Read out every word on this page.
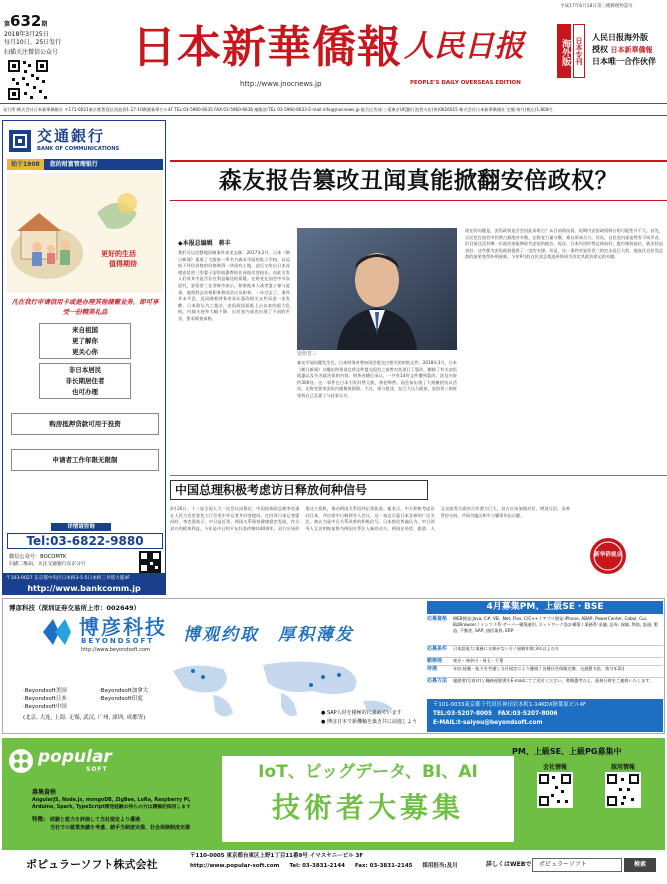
第 632 期
2018年3月25日
每月10日、25日发行
扫描关注微信公众号	日本新華僑報
http://www.jnocnews.jp
人民日报
PEOPLE'S DAILY OVERSEAS EDITION
海外版 日本专刊 人民日报海外版
授权 日本新華僑報
日本唯一合作伙伴
平成17年6月18日第三種郵便物認可
発行所:株式会社日本新華僑報社 〒171-0021東京都豊島区西池袋1-17-10創業新華ビル4F TEL:03-5960-6635 FAX:03-5960-6636 編集部:TEL 03-5960-6633 E-mail:info@jnocnews.jp 総合広告部:三菱東京UFJ銀行池袋支店(普)0616015 株式会社日本新華僑報社 定価:毎月(税込)1,800円
交通銀行
BANK OF COMMUNICATIONS
始于1908	您的财富管理银行
更好的生活
值得期待
凡在我行申请信用卡或是办理其他储蓄业务，即可享受一份精美礼品
来自祖国
更了解你
更关心你
非日本居民
非长期居住者
也可办理
购房抵押贷款可用于投资
申请者工作年限无限制
详情请咨询
Tel:03-6822-9880
微信公众号：BOCOMTK
扫描二维码，关注交通银行东京分行
〒103-0027 东京都中央区日本桥3-5-5日本桥三井塔大厦4F
http://www.bankcomm.jp
森友报告篡改丑闻真能掀翻安倍政权？
◆本报总编辑　蒋丰
我们可以完整地回顾事件来龙去脉：2017年2月，日本《朝日新闻》报道了大阪府一所名为森友学园的私立学校，以远低于评估价格的价格购得一块国有土地。此后又传出日本首相安倍晋三的妻子安倍昭惠曾担任该校名誉校长。由此引发人们对其中是否存在利益输送的质疑。在野党在国会中多次追究，安倍晋三在答辩中表示，如果他本人或者妻子参与此事，他将辞去首相职务和国会议员职务。一年过去了，事件并未平息，反而随着财务省承认篡改相关文件而进一步发酵，日本政坛为之震动，安倍政权面临上台以来的最大危机。内阁支持率大幅下降，自民党内部也出现了不同的声音，要求彻查真相。
安倍晋三
森友学园问题发生后，日本财务省曾向国会提交过相关的审批文件。2018年3月，日本《朝日新闻》又曝出财务省在将文件提交国会之前曾对其进行了篡改，删除了有关安倍昭惠以及多名政治家的内容。财务省随后承认，一共有14份文件遭到篡改，涉及内容约300处。这一事件在日本引发轩然大波，舆论哗然。国会前出现了大规模的抗议活动，在野党要求安倍内阁集体辞职。不过，事与愿违，在巨大压力面前，安倍晋三始终坚持自己及妻子与此事无关。
现在的问题是，安倍政权是否会因此而垮台？从目前情况看，短期内安倍政权倒台的可能性并不大。首先，自民党在国会中仍然占据绝对多数，在野党力量分散，难以形成合力。其次，自民党内部虽然有不同声音，但目前还没有哪一位政治家能够取代安倍的地位。再次，日本经济形势总体向好，股市保持高位，就业状况良好，这些都为安倍政权提供了一定的支撑。但是，这一事件对安倍晋三的打击是巨大的，他连任自民党总裁的前景变得扑朔迷离。今年9月的自民党总裁选举将成为决定其政治命运的关键。
中国总理积极考虑访日释放何种信号
3月20日，十三届全国人大一次会议闭幕后，中国国务院总理李克强在人民大会堂金色大厅会见中外记者并回答提问。在回答日本记者提问时，李克强表示，中日是近邻，两国关系保持健康稳定发展，符合双方的根本利益。今年是中日和平友好条约缔结40周年，双方应该珍惜这个契机，推动两国关系回到正常轨道。他表示，中方积极考虑访问日本，并出席中日韩领导人会议。这一表态引起日本各界的广泛关注，被认为是中日关系改善的积极信号。日本舆论普遍认为，中日领导人互访的恢复将为两国关系注入新的动力。两国在经贸、旅游、人文交流等方面的合作潜力巨大，双方应该加强对话，增进互信，妥善管控分歧，共同为地区和平与繁荣作出贡献。
新华侨视点
博彦科技（深圳证券交易所上市：002649）
博彦科技
BEYONDSOFT
http://www.beyondsoft.com
博观约取　厚积薄发
·Beyondsoft美国
·Beyondsoft日本
·Beyondsoft中国
·Beyondsoft加拿大
·Beyondsoft印度
(北京, 大连, 上海, 无锡, 武汉, 广州, 深圳, 成都等)
● SAP人材を積極的に求めています
● 博彦日本で新機軸を築き共に前進しよう
4月募集PM、上級SE・BSE
応募資格	WEB開発:Java, C#, VB, .Net, Flex, C/C++ / アプリ開発:iPhone, ABAP, PowerCenter, Cobol, Cui, BizBrowser / インフラ系:サーバー構築運用, ネットワーク設計構築 / 業務系:金融, 証券, 保険, 物流, 流通, 製造, 不動産, SAP, 通信業界, ERP
応募条件	日本語能力:業務に支障がない方 / 経験年数:3年以上の方
勤務地	東京・神奈川・埼玉・千葉
待遇	年収:経験・能力を考慮し当社規定により優遇 / 各種社会保険完備、交通費支給、賞与年2回
応募方法	履歴書(写真付)と職務経歴書をE-mailにてご送付ください。書類選考の上、面接日時をご連絡いたします。
〒101-0033東京都千代田区神田岩本町1-14KDX秋葉原ビル4F
TEL:03-5207-8005　FAX:03-5207-8006
E-MAIL:t-saiyou@beyondsoft.com
popular
SOFT
PM、上級SE、上級PG募集中
募集資格
AngularJS, Node.js, mongoDB, ZigBee, LoRa, Raspberry Pi,
Arduino, Spark, TypeScript開発経験お持ちの方は積極的採用します
特徴: 経験と能力を評価して当社規定より優遇
当社での就業実績を考慮、諸手当制度完備、社会保険制度完備
IoT、ビッグデータ、BI、AI
技術者大募集
会社情報	採用情報
ポピュラーソフト株式会社
〒110-0005 東京都台東区上野1丁目11番9号 イマスヤニービル 3F
http://www.popular-soft.com Tel: 03-3831-2144 Fax: 03-3831-2145 採用担当:及川	詳しくはWEBで	ポピュラーソフト	検索
